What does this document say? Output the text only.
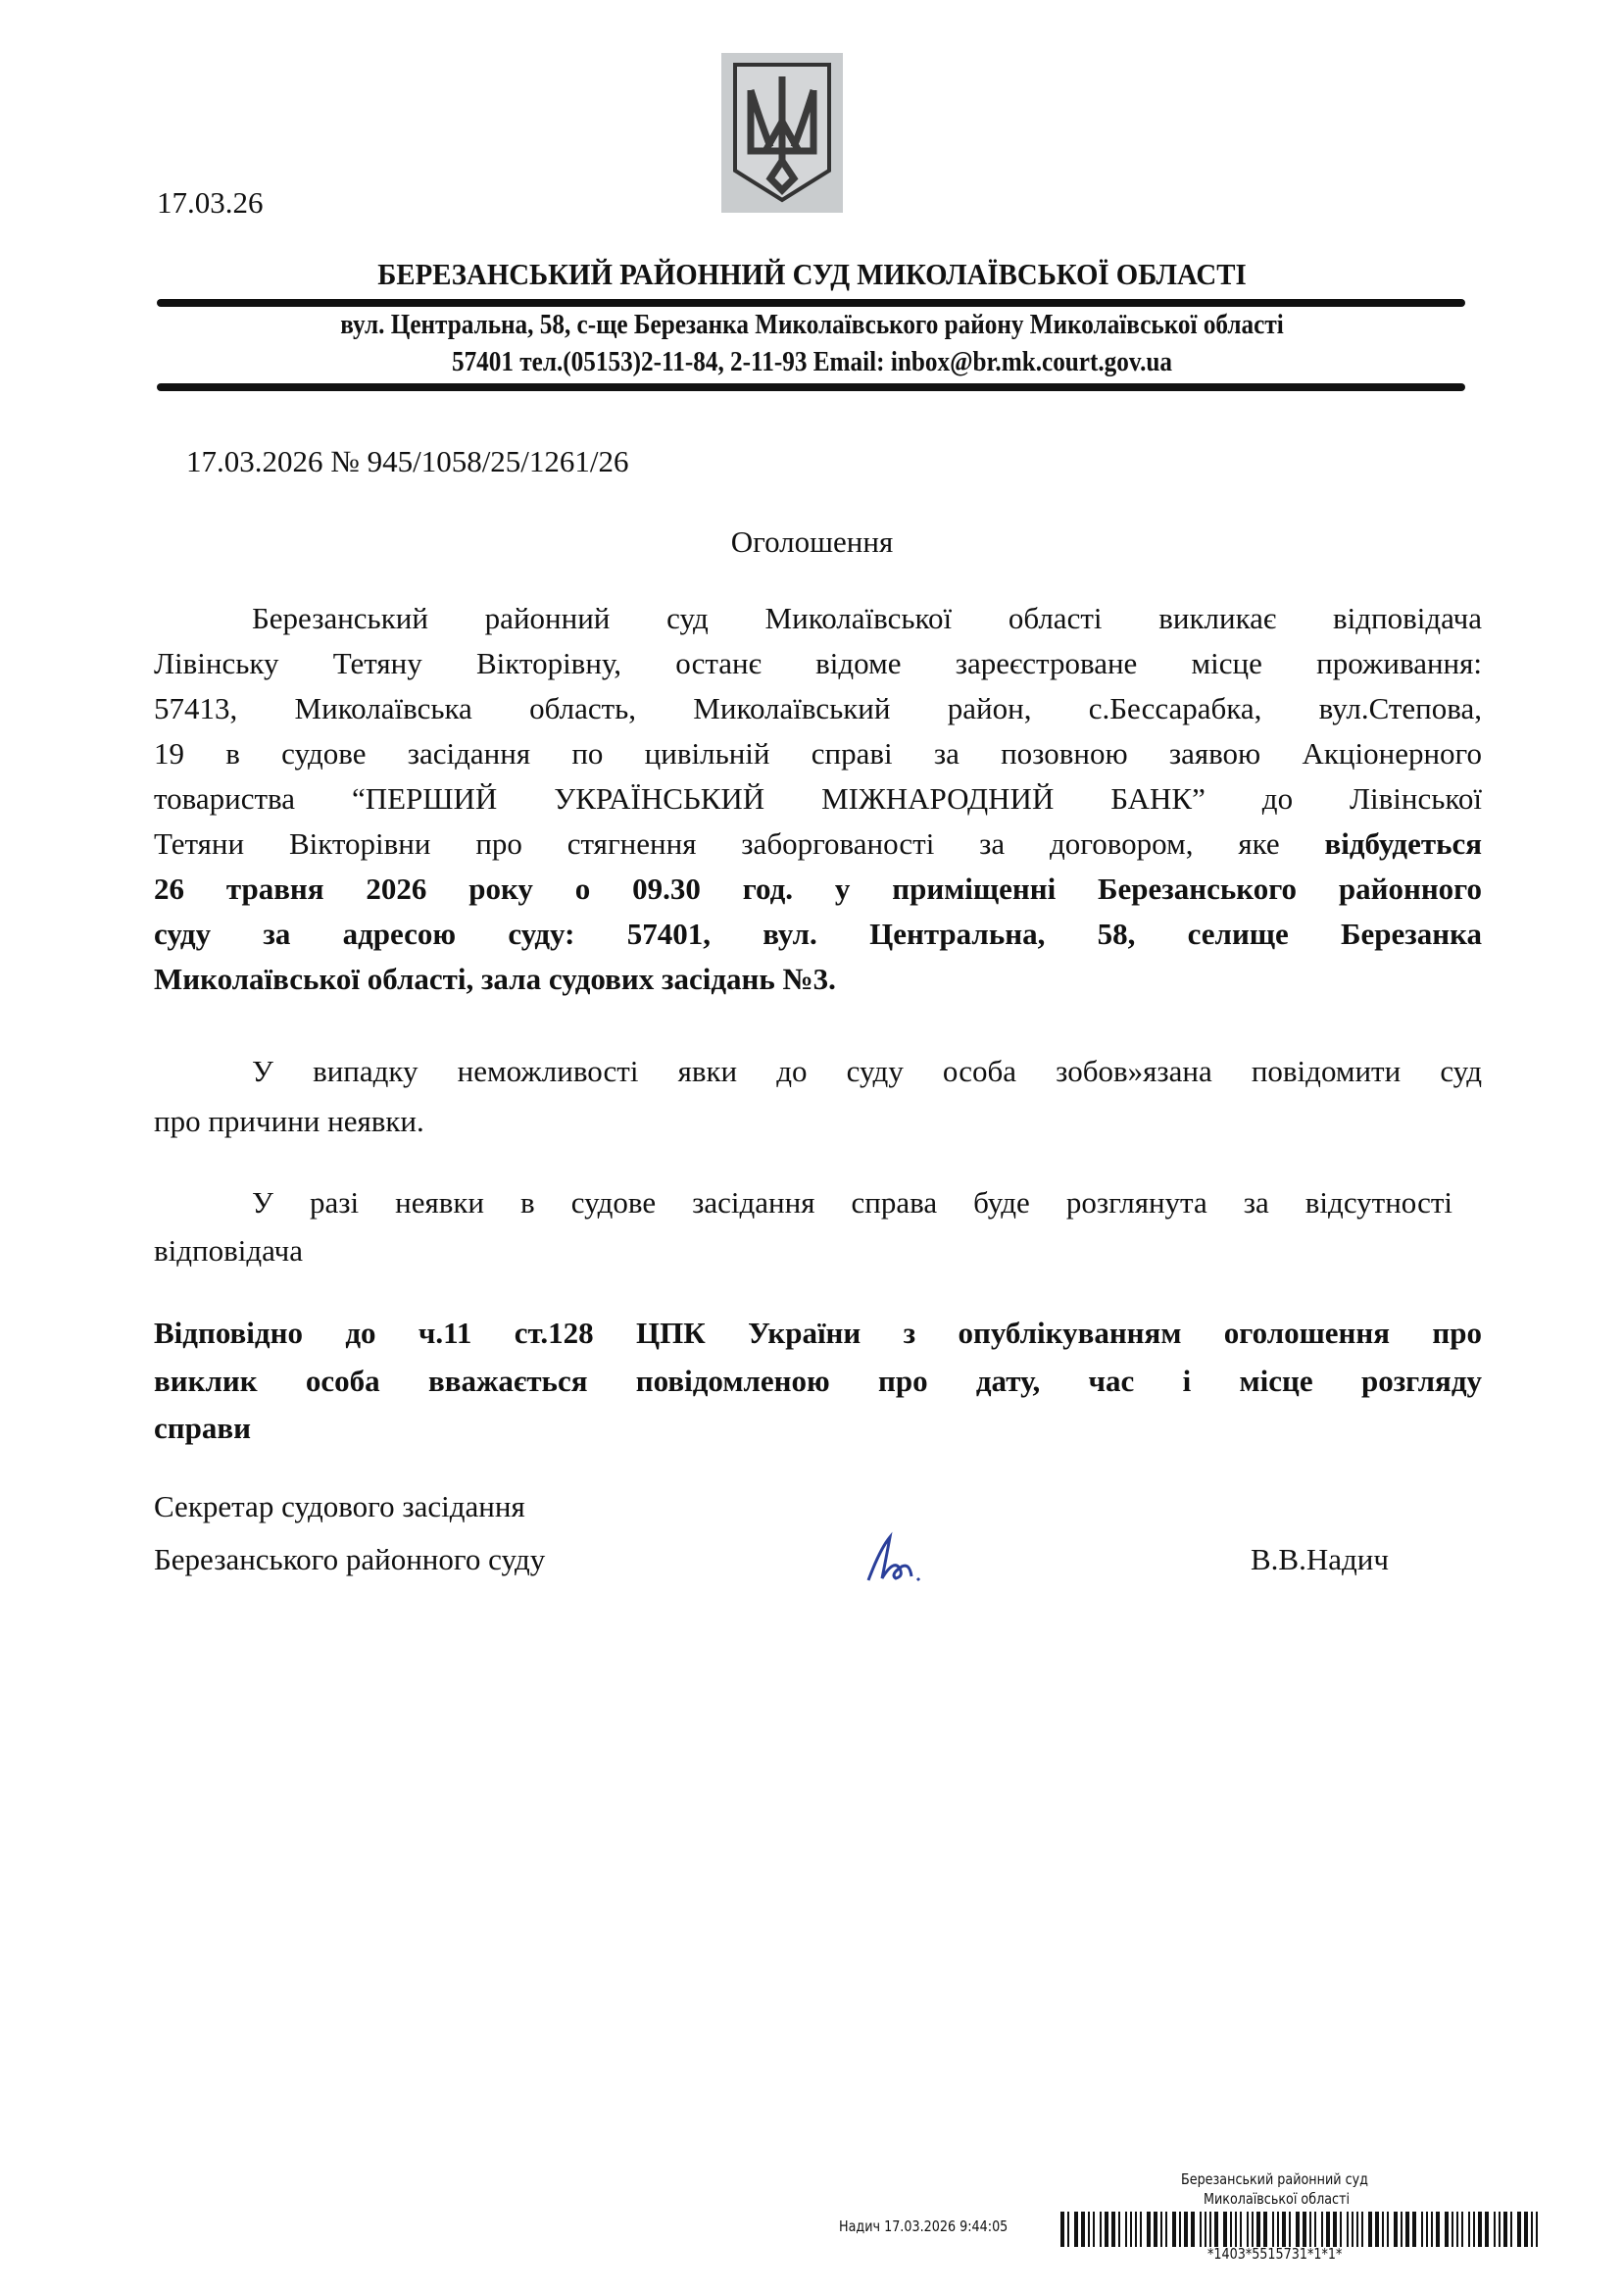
17.03.26
БЕРЕЗАНСЬКИЙ РАЙОННИЙ СУД МИКОЛАЇВСЬКОЇ ОБЛАСТІ
вул. Центральна, 58, с-ще Березанка Миколаївського району Миколаївської області
57401 тел.(05153)2-11-84, 2-11-93 Email: inbox@br.mk.court.gov.ua
17.03.2026 № 945/1058/25/1261/26
Оголошення
Березанський районний суд Миколаївської області викликає відповідача
Лівінську Тетяну Вікторівну, останє відоме зареєстроване місце проживання:
57413, Миколаївська область, Миколаївський район, с.Бессарабка, вул.Степова,
19 в судове засідання по цивільній справі за позовною заявою Акціонерного
товариства “ПЕРШИЙ УКРАЇНСЬКИЙ МІЖНАРОДНИЙ БАНК” до Лівінської
Тетяни Вікторівни про стягнення заборгованості за договором, яке відбудеться
26 травня 2026 року о 09.30 год. у приміщенні Березанського районного
суду за адресою суду: 57401, вул. Центральна, 58, селище Березанка
Миколаївської області, зала судових засідань №3.
У випадку неможливості явки до суду особа зобов»язана повідомити суд
про причини неявки.
У разі неявки в судове засідання справа буде розглянута за відсутності
відповідача
Відповідно до ч.11 ст.128 ЦПК України з опублікуванням оголошення про
виклик особа вважається повідомленою про дату, час і місце розгляду
справи
Секретар судового засідання
Березанського районного суду	В.В.Надич
Березанський районний суд
Миколаївської області
Надич 17.03.2026 9:44:05
*1403*5515731*1*1*
